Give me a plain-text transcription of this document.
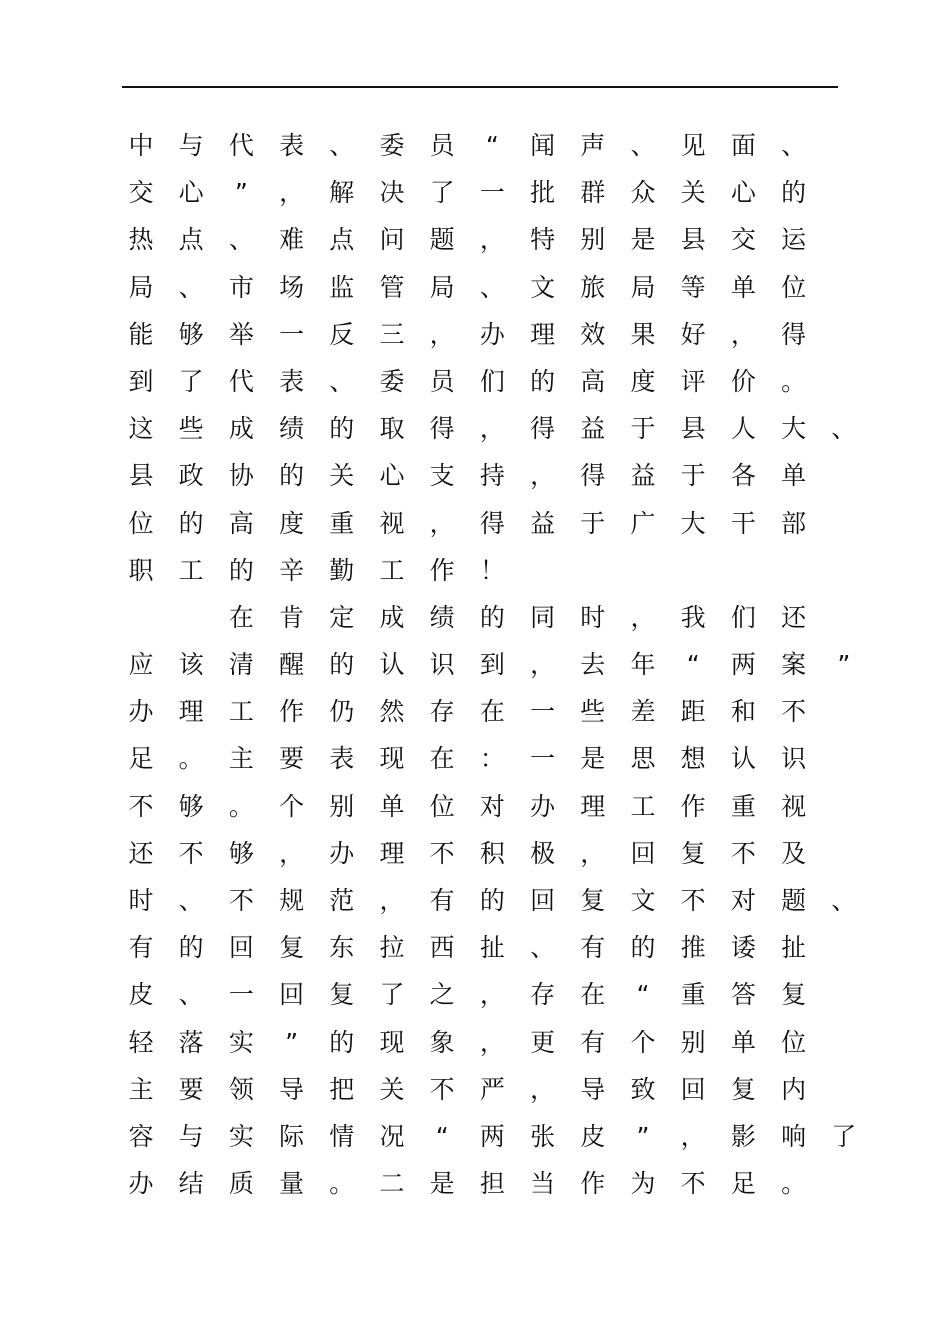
中 与 代 表 、 委 员	“	闻 声 、 见 面 、
交 心	”	， 解 决 了 一 批 群 众 关 心 的
热 点 、 难 点 问 题 ， 特 别 是 县 交 运
局 、 市 场 监 管 局 、 文 旅 局 等 单 位
能 够 举 一 反 三 ， 办 理 效 果 好 ， 得
到 了 代 表 、 委 员 们 的 高 度 评 价 。
这 些 成 绩 的 取 得 ， 得 益 于 县 人 大 、
县 政 协 的 关 心 支 持 ， 得 益 于 各 单
位 的 高 度 重 视 ， 得 益 于 广 大 干 部
职 工 的 辛 勤 工 作 ！
在 肯 定 成 绩 的 同 时 ， 我 们 还
应 该 清 醒 的 认 识 到 ， 去 年	“	两 案	”
办 理 工 作 仍 然 存 在 一 些 差 距 和 不
足 。 主 要 表 现 在 ： 一 是 思 想 认 识
不 够 。 个 别 单 位 对 办 理 工 作 重 视
还 不 够 ， 办 理 不 积 极 ， 回 复 不 及
时 、 不 规 范 ， 有 的 回 复 文 不 对 题 、
有 的 回 复 东 拉 西 扯 、 有 的 推 诿 扯
皮 、 一 回 复 了 之 ， 存 在	“	重 答 复
轻 落 实	”	的 现 象 ， 更 有 个 别 单 位
主 要 领 导 把 关 不 严 ， 导 致 回 复 内
容 与 实 际 情 况	“	两 张 皮	”	， 影 响 了
办 结 质 量 。 二 是 担 当 作 为 不 足 。
